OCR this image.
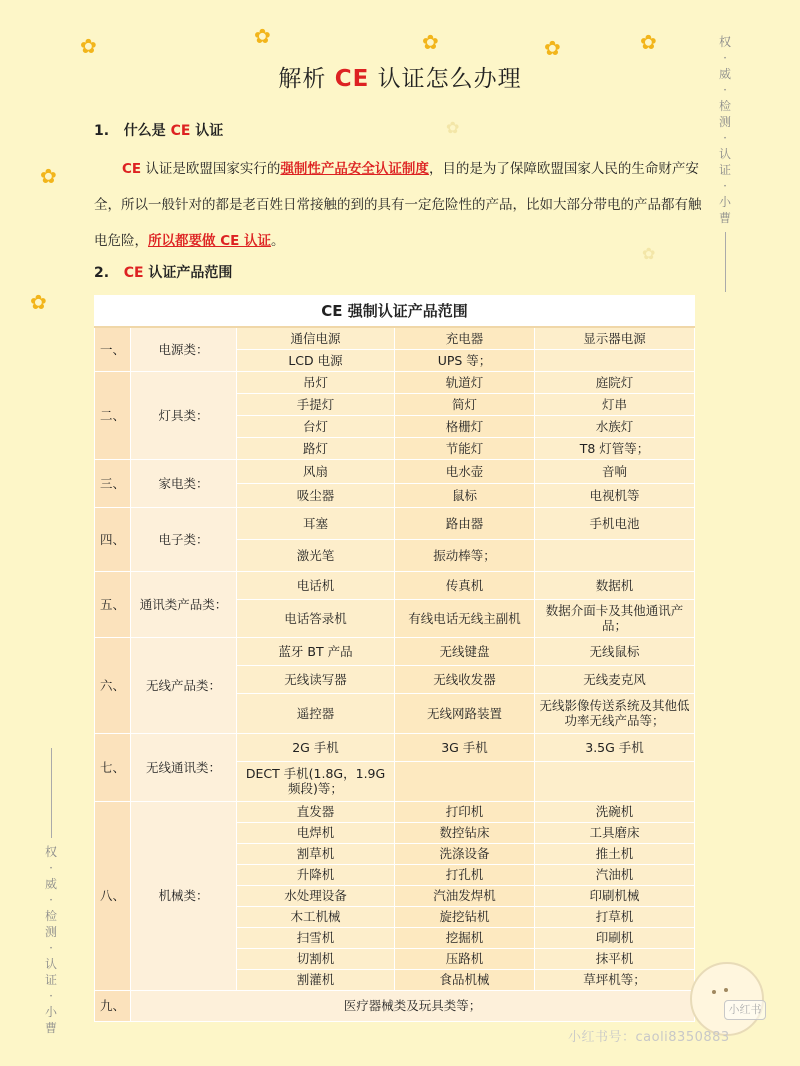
✿	✿	✿	✿	✿
✿
✿
✿
✿
权
·
威
·
检
测
·
认
证
·
小
曹
权
·
威
·
检
测
·
认
证
·
小
曹
解析 CE 认证怎么办理
1. 什么是 CE 认证
CE 认证是欧盟国家实行的强制性产品安全认证制度，目的是为了保障欧盟国家人民的生命财产安全，所以一般针对的都是老百姓日常接触的到的具有一定危险性的产品，比如大部分带电的产品都有触电危险，所以都要做 CE 认证。
2. CE 认证产品范围
CE 强制认证产品范围				
一、	电源类：	通信电源	充电器	显示器电源
		LCD 电源	UPS 等；	
二、	灯具类：	吊灯	轨道灯	庭院灯
		手提灯	简灯	灯串
		台灯	格栅灯	水族灯
		路灯	节能灯	T8 灯管等；
三、	家电类：	风扇	电水壶	音响
		吸尘器	鼠标	电视机等
四、	电子类：	耳塞	路由器	手机电池
		激光笔	振动棒等；	
五、	通讯类产品类：	电话机	传真机	数据机
		电话答录机	有线电话无线主副机	数据介面卡及其他通讯产品；
六、	无线产品类：	蓝牙 BT 产品	无线键盘	无线鼠标
		无线读写器	无线收发器	无线麦克风
		遥控器	无线网路装置	无线影像传送系统及其他低功率无线产品等；
七、	无线通讯类：	2G 手机	3G 手机	3.5G 手机
		DECT 手机(1.8G，1.9G 频段)等；		
八、	机械类：	直发器	打印机	洗碗机
		电焊机	数控钻床	工具磨床
		割草机	洗涤设备	推土机
		升降机	打孔机	汽油机
		水处理设备	汽油发焊机	印刷机械
		木工机械	旋挖钻机	打草机
		扫雪机	挖掘机	印刷机
		切割机	压路机	抹平机
		割灌机	食品机械	草坪机等；
九、	医疗器械类及玩具类等；				小红书
小红书号：caoli8350883
